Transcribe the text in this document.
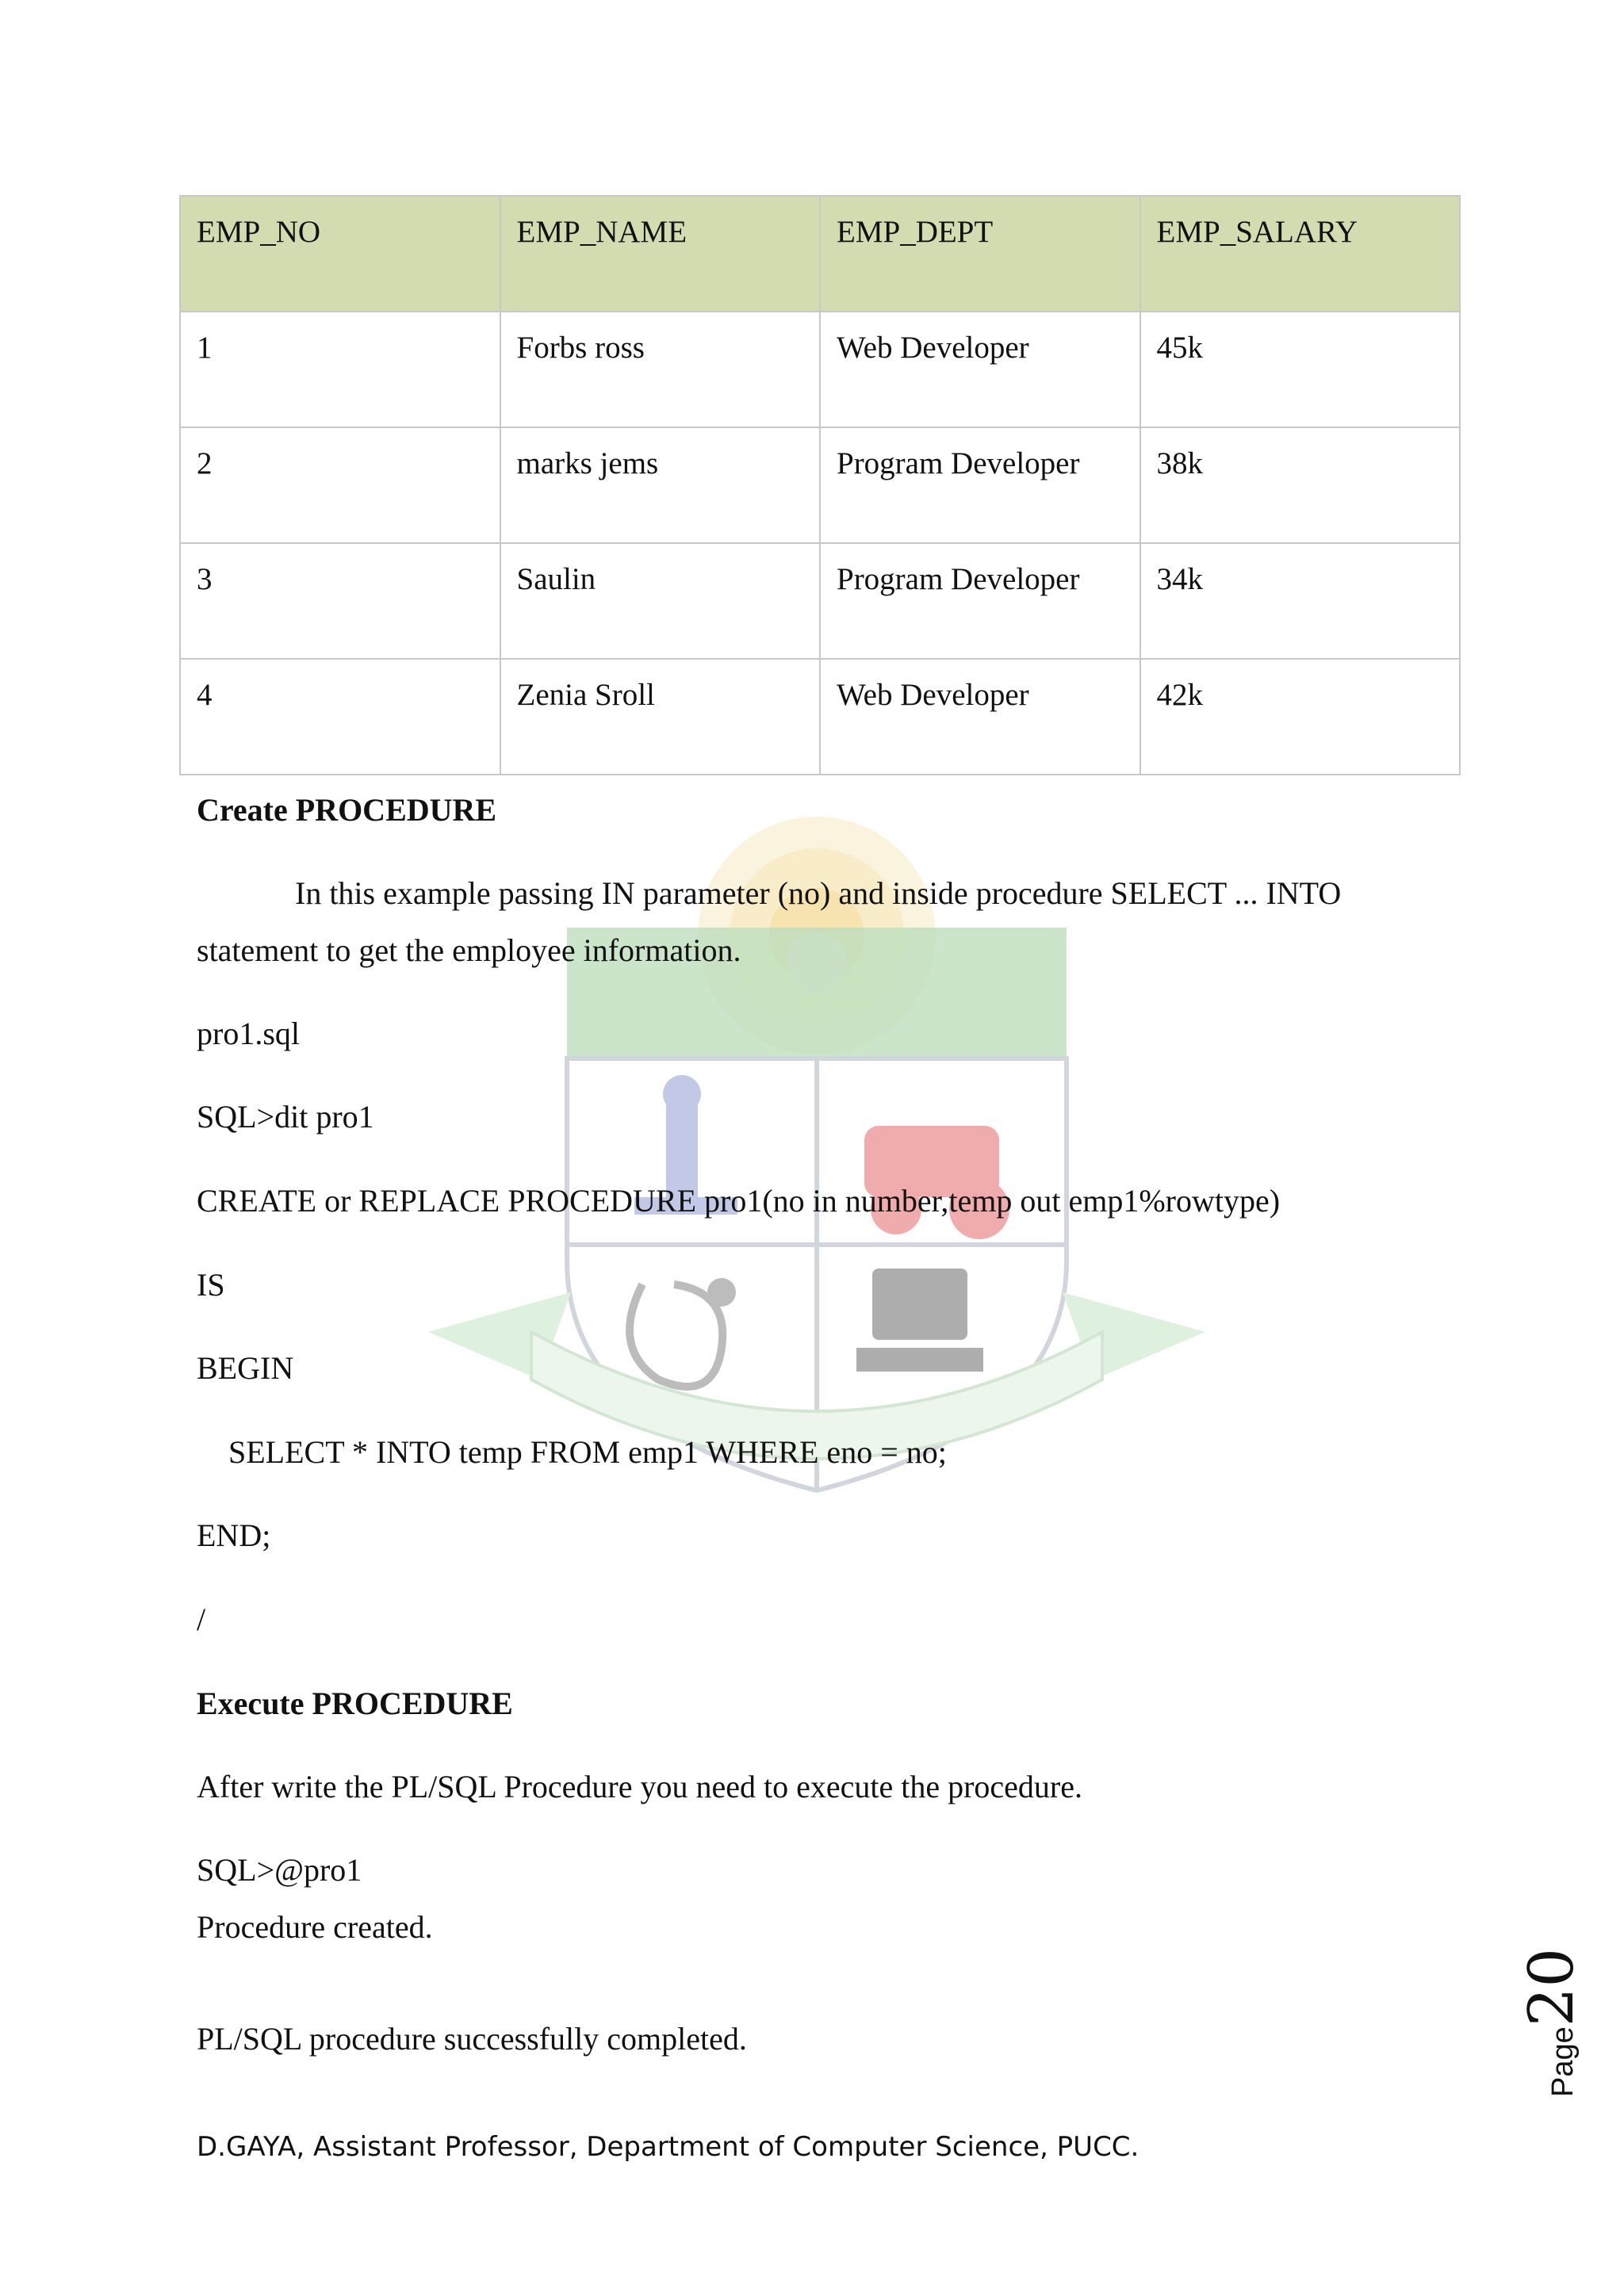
EMP_NO	EMP_NAME	EMP_DEPT	EMP_SALARY
1	Forbs ross	Web Developer	45k
2	marks jems	Program Developer	38k
3	Saulin	Program Developer	34k
4	Zenia Sroll	Web Developer	42k
Create PROCEDURE
In this example passing IN parameter (no) and inside procedure SELECT ... INTO
statement to get the employee information.
pro1.sql
SQL>dit pro1
CREATE or REPLACE PROCEDURE pro1(no in number,temp out emp1%rowtype)
IS
BEGIN
SELECT * INTO temp FROM emp1 WHERE eno = no;
END;
/
Execute PROCEDURE
After write the PL/SQL Procedure you need to execute the procedure.
SQL>@pro1
Procedure created.
PL/SQL procedure successfully completed.	Page20
D.GAYA, Assistant Professor, Department of Computer Science, PUCC.
